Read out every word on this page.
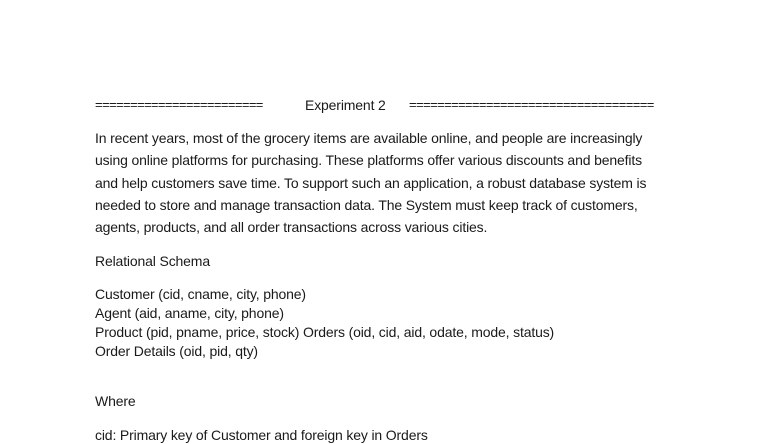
========================

	Experiment 2

===================================

In recent years, most of the grocery items are available online, and people are increasingly

using online platforms for purchasing. These platforms offer various discounts and benefits

and help customers save time. To support such an application, a robust database system is

needed to store and manage transaction data. The System must keep track of customers,

agents, products, and all order transactions across various cities.

Relational Schema
Customer (cid, cname, city, phone)
Agent (aid, aname, city, phone)
Product (pid, pname, price, stock) Orders (oid, cid, aid, odate, mode, status)
Order Details (oid, pid, qty)
Where
cid: Primary key of Customer and foreign key in Orders
